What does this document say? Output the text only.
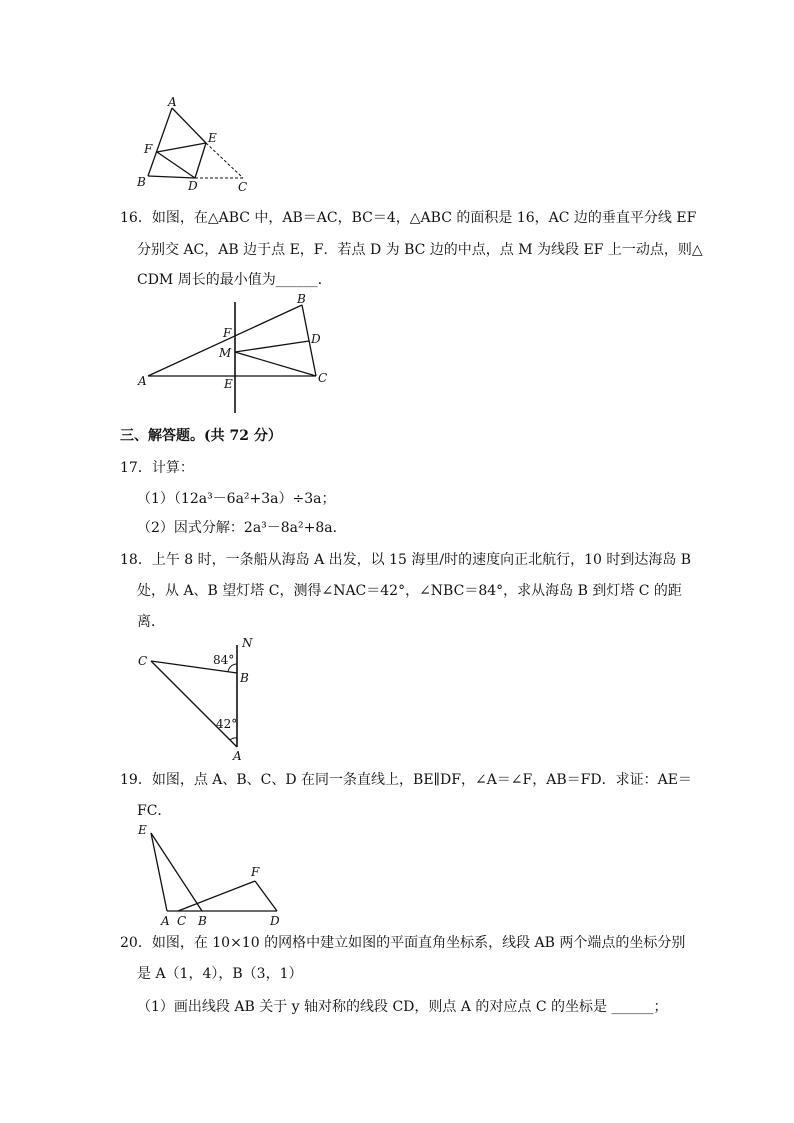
A
E
F
B	D	C
16．如图，在△ABC 中，AB＝AC，BC＝4，△ABC 的面积是 16，AC 边的垂直平分线 EF
分别交 AC，AB 边于点 E，F．若点 D 为 BC 边的中点，点 M 为线段 EF 上一动点，则△
CDM 周长的最小值为______．
B
F	D
M
A	E	C
三、解答题。(共 72 分）
17．计算：
（1）（12a³－6a²+3a）÷3a；
（2）因式分解：2a³－8a²+8a．
18．上午 8 时，一条船从海岛 A 出发，以 15 海里/时的速度向正北航行，10 时到达海岛 B
处，从 A、B 望灯塔 C，测得∠NAC＝42°，∠NBC＝84°，求从海岛 B 到灯塔 C 的距
离．
N
C	84°
B
42°
A
19．如图，点 A、B、C、D 在同一条直线上，BE∥DF，∠A＝∠F，AB＝FD．求证：AE＝
FC．
E
F
A C B	D
20．如图，在 10×10 的网格中建立如图的平面直角坐标系，线段 AB 两个端点的坐标分别
是 A（1，4），B（3，1）
（1）画出线段 AB 关于 y 轴对称的线段 CD，则点 A 的对应点 C 的坐标是 ______；
